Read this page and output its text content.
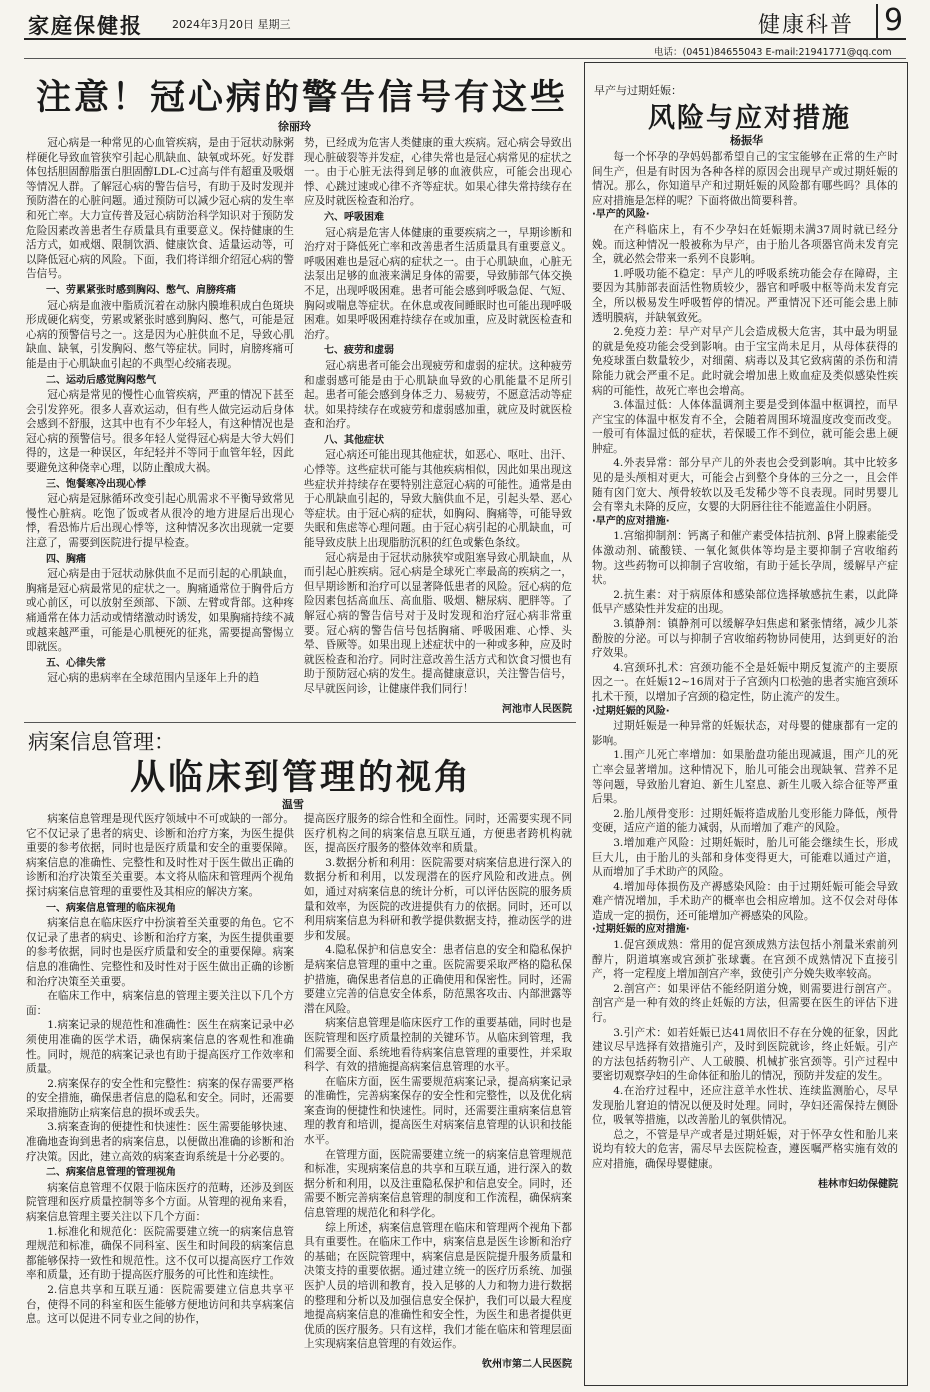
家庭保健报	2024年3月20日 星期三	健康科普 9
电话：(0451)84655043 E-mail:21941771@qq.com
注意！冠心病的警告信号有这些
徐丽玲

冠心病是一种常见的心血管疾病，是由于冠状动脉粥样硬化导致血管狭窄引起心肌缺血、缺氧或坏死。好发群体包括胆固醇脂蛋白胆固醇LDL-C过高与伴有超重及吸烟等情况人群。了解冠心病的警告信号，有助于及时发现并预防潜在的心脏问题。通过预防可以减少冠心病的发生率和死亡率。大力宣传普及冠心病防治科学知识对于预防发危险因素改善患者生存质量具有重要意义。保持健康的生活方式，如戒烟、限制饮酒、健康饮食、适量运动等，可以降低冠心病的风险。下面，我们将详细介绍冠心病的警告信号。

一、劳累紧张时感到胸闷、憋气、肩膀疼痛

冠心病是血液中脂质沉着在动脉内膜堆积成白色斑块形成硬化病变，劳累或紧张时感到胸闷、憋气，可能是冠心病的预警信号之一。这是因为心脏供血不足，导致心肌缺血、缺氧，引发胸闷、憋气等症状。同时，肩膀疼痛可能是由于心肌缺血引起的不典型心绞痛表现。

二、运动后感觉胸闷憋气

冠心病是常见的慢性心血管疾病，严重的情况下甚至会引发猝死。很多人喜欢运动，但有些人做完运动后身体会感到不舒服，这其中也有不少年轻人，有这种情况也是冠心病的预警信号。很多年轻人觉得冠心病是大爷大妈们得的，这是一种误区，年纪轻并不等同于血管年轻，因此要避免这种侥幸心理，以防止酿成大祸。

三、饱餐寒冷出现心悸

冠心病是冠脉循环改变引起心肌需求不平衡导致常见慢性心脏病。吃饱了饭或者从很冷的地方进屋后出现心悸，看恐怖片后出现心悸等，这种情况多次出现就一定要注意了，需要到医院进行提早检查。

四、胸痛

冠心病是由于冠状动脉供血不足而引起的心肌缺血，胸痛是冠心病最常见的症状之一。胸痛通常位于胸骨后方或心前区，可以放射至颈部、下颌、左臂或背部。这种疼痛通常在体力活动或情绪激动时诱发，如果胸痛持续不减或越来越严重，可能是心肌梗死的征兆，需要提高警惕立即就医。

五、心律失常

冠心病的患病率在全球范围内呈逐年上升的趋

势，已经成为危害人类健康的重大疾病。冠心病会导致出现心脏破裂等并发症，心律失常也是冠心病常见的症状之一。由于心脏无法得到足够的血液供应，可能会出现心悸、心跳过速或心律不齐等症状。如果心律失常持续存在应及时就医检查和治疗。

六、呼吸困难

冠心病是危害人体健康的重要疾病之一，早期诊断和治疗对于降低死亡率和改善患者生活质量具有重要意义。呼吸困难也是冠心病的症状之一。由于心肌缺血，心脏无法泵出足够的血液来满足身体的需要，导致肺部气体交换不足，出现呼吸困难。患者可能会感到呼吸急促、气短、胸闷或喘息等症状。在休息或夜间睡眠时也可能出现呼吸困难。如果呼吸困难持续存在或加重，应及时就医检查和治疗。

七、疲劳和虚弱

冠心病患者可能会出现疲劳和虚弱的症状。这种疲劳和虚弱感可能是由于心肌缺血导致的心肌能量不足所引起。患者可能会感到身体乏力、易疲劳，不愿意活动等症状。如果持续存在或疲劳和虚弱感加重，就应及时就医检查和治疗。

八、其他症状

冠心病还可能出现其他症状，如恶心、呕吐、出汗、心悸等。这些症状可能与其他疾病相似，因此如果出现这些症状并持续存在要特别注意冠心病的可能性。通常是由于心肌缺血引起的，导致大脑供血不足，引起头晕、恶心等症状。由于冠心病的症状，如胸闷、胸痛等，可能导致失眠和焦虑等心理问题。由于冠心病引起的心肌缺血，可能导致皮肤上出现脂肪沉积的红色或紫色条纹。

冠心病是由于冠状动脉狭窄或阻塞导致心肌缺血，从而引起心脏疾病。冠心病是全球死亡率最高的疾病之一，但早期诊断和治疗可以显著降低患者的风险。冠心病的危险因素包括高血压、高血脂、吸烟、糖尿病、肥胖等。了解冠心病的警告信号对于及时发现和治疗冠心病非常重要。冠心病的警告信号包括胸痛、呼吸困难、心悸、头晕、昏厥等。如果出现上述症状中的一种或多种，应及时就医检查和治疗。同时注意改善生活方式和饮食习惯也有助于预防冠心病的发生。提高健康意识，关注警告信号，尽早就医问诊，让健康伴我们同行！

河池市人民医院

病案信息管理：
从临床到管理的视角
温雪

病案信息管理是现代医疗领域中不可或缺的一部分。它不仅记录了患者的病史、诊断和治疗方案，为医生提供重要的参考依据，同时也是医疗质量和安全的重要保障。病案信息的准确性、完整性和及时性对于医生做出正确的诊断和治疗决策至关重要。本文将从临床和管理两个视角探讨病案信息管理的重要性及其相应的解决方案。

一、病案信息管理的临床视角

病案信息在临床医疗中扮演着至关重要的角色。它不仅记录了患者的病史、诊断和治疗方案，为医生提供重要的参考依据，同时也是医疗质量和安全的重要保障。病案信息的准确性、完整性和及时性对于医生做出正确的诊断和治疗决策至关重要。

在临床工作中，病案信息的管理主要关注以下几个方面：

1.病案记录的规范性和准确性：医生在病案记录中必须使用准确的医学术语，确保病案信息的客观性和准确性。同时，规范的病案记录也有助于提高医疗工作效率和质量。

2.病案保存的安全性和完整性：病案的保存需要严格的安全措施，确保患者信息的隐私和安全。同时，还需要采取措施防止病案信息的损坏或丢失。

3.病案查询的便捷性和快速性：医生需要能够快速、准确地查询到患者的病案信息，以便做出准确的诊断和治疗决策。因此，建立高效的病案查询系统是十分必要的。

二、病案信息管理的管理视角

病案信息管理不仅限于临床医疗的范畴，还涉及到医院管理和医疗质量控制等多个方面。从管理的视角来看，病案信息管理主要关注以下几个方面：

1.标准化和规范化：医院需要建立统一的病案信息管理规范和标准，确保不同科室、医生和时间段的病案信息都能够保持一致性和规范性。这不仅可以提高医疗工作效率和质量，还有助于提高医疗服务的可比性和连续性。

2.信息共享和互联互通：医院需要建立信息共享平台，使得不同的科室和医生能够方便地访问和共享病案信息。这可以促进不同专业之间的协作，

提高医疗服务的综合性和全面性。同时，还需要实现不同医疗机构之间的病案信息互联互通，方便患者跨机构就医，提高医疗服务的整体效率和质量。

3.数据分析和利用：医院需要对病案信息进行深入的数据分析和利用，以发现潜在的医疗风险和改进点。例如，通过对病案信息的统计分析，可以评估医院的服务质量和效率，为医院的改进提供有力的依据。同时，还可以利用病案信息为科研和教学提供数据支持，推动医学的进步和发展。

4.隐私保护和信息安全：患者信息的安全和隐私保护是病案信息管理的重中之重。医院需要采取严格的隐私保护措施，确保患者信息的正确使用和保密性。同时，还需要建立完善的信息安全体系，防范黑客攻击、内部泄露等潜在风险。

病案信息管理是临床医疗工作的重要基础，同时也是医院管理和医疗质量控制的关键环节。从临床到管理，我们需要全面、系统地看待病案信息管理的重要性，并采取科学、有效的措施提高病案信息管理的水平。

在临床方面，医生需要规范病案记录，提高病案记录的准确性，完善病案保存的安全性和完整性，以及优化病案查询的便捷性和快速性。同时，还需要注重病案信息管理的教育和培训，提高医生对病案信息管理的认识和技能水平。

在管理方面，医院需要建立统一的病案信息管理规范和标准，实现病案信息的共享和互联互通，进行深入的数据分析和利用，以及注重隐私保护和信息安全。同时，还需要不断完善病案信息管理的制度和工作流程，确保病案信息管理的规范化和科学化。

综上所述，病案信息管理在临床和管理两个视角下都具有重要性。在临床工作中，病案信息是医生诊断和治疗的基础；在医院管理中，病案信息是医院提升服务质量和决策支持的重要依据。通过建立统一的医疗历系统、加强医护人员的培训和教育，投入足够的人力和物力进行数据的整理和分析以及加强信息安全保护，我们可以最大程度地提高病案信息的准确性和安全性，为医生和患者提供更优质的医疗服务。只有这样，我们才能在临床和管理层面上实现病案信息管理的有效运作。

钦州市第二人民医院

早产与过期妊娠：
风险与应对措施
杨振华

每一个怀孕的孕妈妈都希望自己的宝宝能够在正常的生产时间生产，但是有时因为各种各样的原因会出现早产或过期妊娠的情况。那么，你知道早产和过期妊娠的风险都有哪些吗？具体的应对措施是怎样的呢？下面将做出简要科普。

·早产的风险·

在产科临床上，有不少孕妇在妊娠期未满37周时就已经分娩。而这种情况一般被称为早产，由于胎儿各项器官尚未发育完全，就必然会带来一系列不良影响。

1.呼吸功能不稳定：早产儿的呼吸系统功能会存在障碍，主要因为其肺部表面活性物质较少，器官和呼吸中枢等尚未发育完全，所以极易发生呼吸暂停的情况。严重情况下还可能会患上肺透明膜病，并缺氧致死。

2.免疫力差：早产对早产儿会造成极大危害，其中最为明显的就是免疫功能会受到影响。由于宝宝尚未足月，从母体获得的免疫球蛋白数量较少，对细菌、病毒以及其它致病菌的杀伤和清除能力就会严重不足。此时就会增加患上败血症及类似感染性疾病的可能性，故死亡率也会增高。

3.体温过低：人体体温调剂主要是受到体温中枢调控，而早产宝宝的体温中枢发育不全，会随着周围环境温度改变而改变。一般可有体温过低的症状，若保暖工作不到位，就可能会患上硬肿症。

4.外表异常：部分早产儿的外表也会受到影响。其中比较多见的是头颅相对更大，可能会占到整个身体的三分之一，且会伴随有囟门宽大、颅骨较软以及毛发稀少等不良表现。同时男婴儿会有睾丸未降的反应，女婴的大阴唇往往不能遮盖住小阴唇。

·早产的应对措施·

1.宫缩抑制剂：钙离子和催产素受体拮抗剂、β肾上腺素能受体激动剂、硫酸镁、一氧化氮供体等均是主要抑制子宫收缩药物。这些药物可以抑制子宫收缩，有助于延长孕周，缓解早产症状。

2.抗生素：对于病原体和感染部位选择敏感抗生素，以此降低早产感染性并发症的出现。

3.镇静剂：镇静剂可以缓解孕妇焦虑和紧张情绪，减少儿茶酚胺的分泌。可以与抑制子宫收缩药物协同使用，达到更好的治疗效果。

4.宫颈环扎术：宫颈功能不全是妊娠中期反复流产的主要原因之一。在妊娠12~16周对于子宫颈内口松弛的患者实施宫颈环扎术干预，以增加子宫颈的稳定性，防止流产的发生。

·过期妊娠的风险·

过期妊娠是一种异常的妊娠状态，对母婴的健康都有一定的影响。

1.围产儿死亡率增加：如果胎盘功能出现减退，围产儿的死亡率会显著增加。这种情况下，胎儿可能会出现缺氧、营养不足等问题，导致胎儿窘迫、新生儿窒息、新生儿吸入综合征等严重后果。

2.胎儿颅骨变形：过期妊娠将造成胎儿变形能力降低，颅骨变硬，适应产道的能力减弱，从而增加了难产的风险。

3.增加难产风险：过期妊娠时，胎儿可能会继续生长，形成巨大儿，由于胎儿的头部和身体变得更大，可能难以通过产道，从而增加了手术助产的风险。

4.增加母体损伤及产褥感染风险：由于过期妊娠可能会导致难产情况增加，手术助产的概率也会相应增加。这不仅会对母体造成一定的损伤，还可能增加产褥感染的风险。

·过期妊娠的应对措施·

1.促宫颈成熟：常用的促宫颈成熟方法包括小剂量米索前列醇片，阴道填塞或宫颈扩张球囊。在宫颈不成熟情况下直接引产，将一定程度上增加剖宫产率，致使引产分娩失败率较高。

2.剖宫产：如果评估不能经阴道分娩，则需要进行剖宫产。剖宫产是一种有效的终止妊娠的方法，但需要在医生的评估下进行。

3.引产术：如若妊娠已达41周依旧不存在分娩的征象，因此建议尽早选择有效措施引产，及时到医院就诊，终止妊娠。引产的方法包括药物引产、人工破膜、机械扩张宫颈等。引产过程中要密切观察孕妇的生命体征和胎儿的情况，预防并发症的发生。

4.在治疗过程中，还应注意羊水性状、连续监测胎心，尽早发现胎儿窘迫的情况以便及时处理。同时，孕妇还需保持左侧卧位，吸氧等措施，以改善胎儿的氧供情况。

总之，不管是早产或者是过期妊娠，对于怀孕女性和胎儿来说均有较大的危害，需尽早去医院检查，遵医嘱严格实施有效的应对措施，确保母婴健康。

桂林市妇幼保健院
